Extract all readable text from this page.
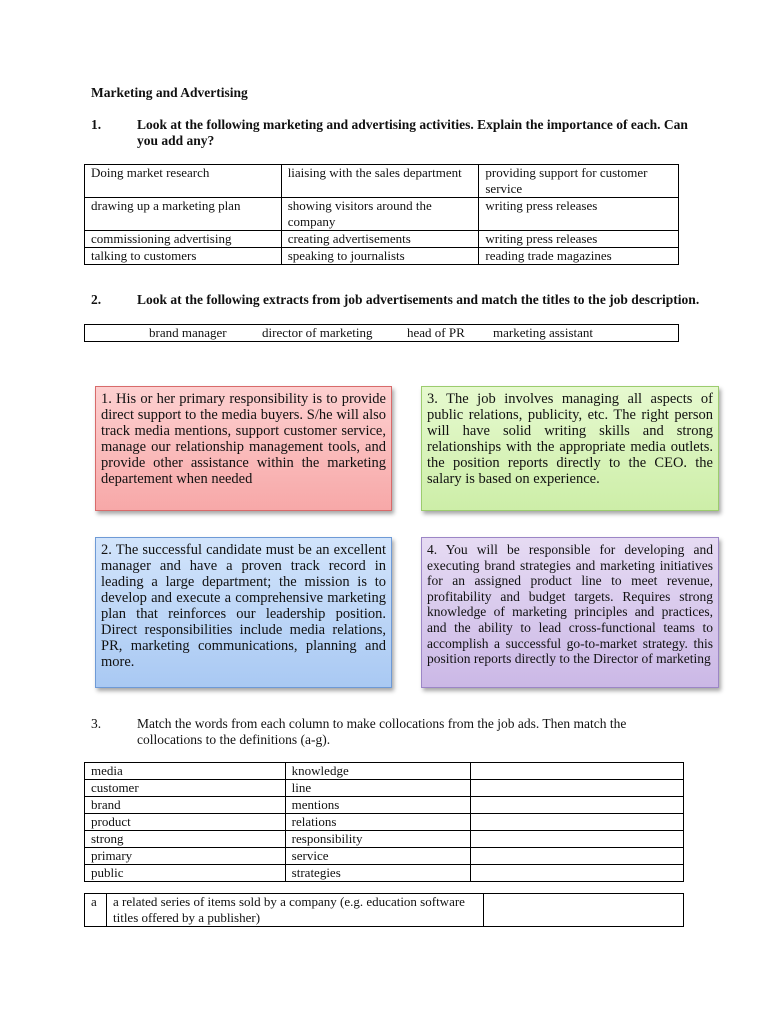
Marketing and Advertising
1.	Look at the following marketing and advertising activities. Explain the importance of each. Can you add any?
Doing market research	liaising with the sales department	providing support for customer service
drawing up a marketing plan	showing visitors around the company	writing press releases
commissioning advertising	creating advertisements	writing press releases
talking to customers	speaking to journalists	reading trade magazines
2.	Look at the following extracts from job advertisements and match the titles to the job description.
brand manager	director of marketing	head of PR marketing assistant
1. His or her primary responsibility is to provide direct support to the media buyers. S/he will also track media mentions, support customer service, manage our relationship management tools, and provide other assistance within the marketing departement when needed
3. The job involves managing all aspects of public relations, publicity, etc. The right person will have solid writing skills and strong relationships with the appropriate media outlets. the position reports directly to the CEO. the salary is based on experience.
2. The successful candidate must be an excellent manager and have a proven track record in leading a large department; the mission is to develop and execute a comprehensive marketing plan that reinforces our leadership position. Direct responsibilities include media relations, PR, marketing communications, planning and more.
4. You will be responsible for developing and executing brand strategies and marketing initiatives for an assigned product line to meet revenue, profitability and budget targets. Requires strong knowledge of marketing principles and practices, and the ability to lead cross-functional teams to accomplish a successful go-to-market strategy. this position reports directly to the Director of marketing
3.	Match the words from each column to make collocations from the job ads. Then match the collocations to the definitions (a-g).
media	knowledge	
customer	line	
brand	mentions	
product	relations	
strong	responsibility	
primary	service	
public	strategies	
a	a related series of items sold by a company (e.g. education software titles offered by a publisher)	
